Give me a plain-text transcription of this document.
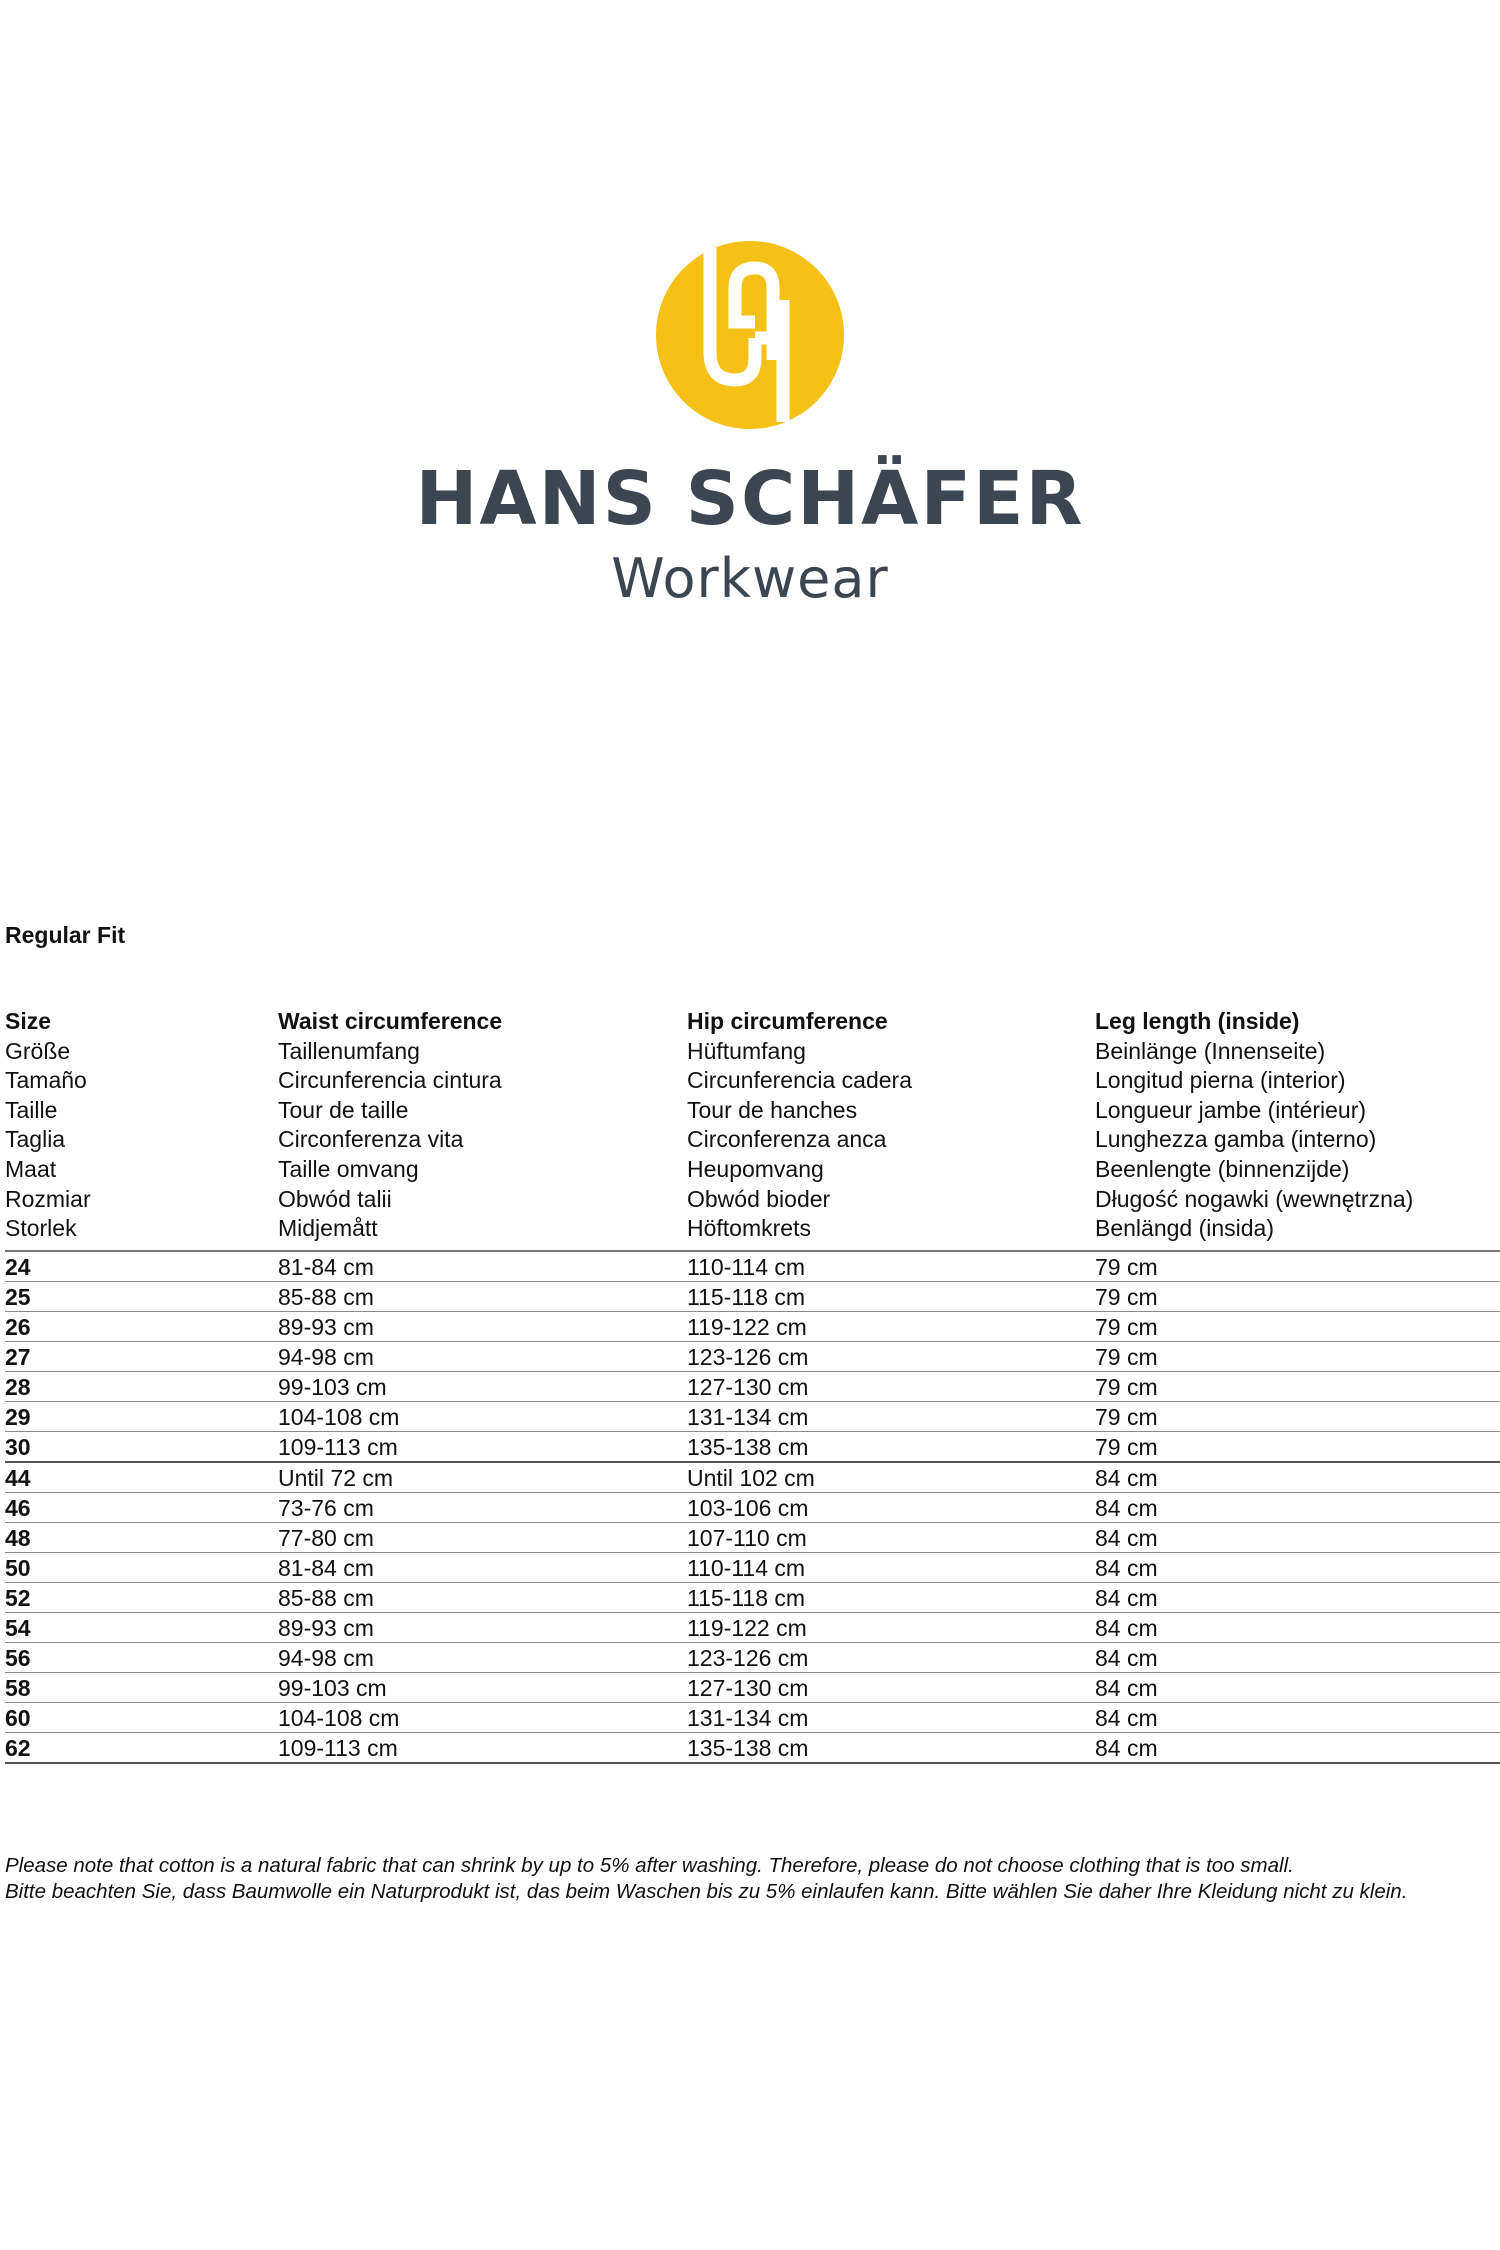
HANS SCHÄFER
Workwear
Regular Fit
Size	Waist circumference	Hip circumference	Leg length (inside)
Größe	Taillenumfang	Hüftumfang	Beinlänge (Innenseite)
Tamaño	Circunferencia cintura	Circunferencia cadera	Longitud pierna (interior)
Taille	Tour de taille	Tour de hanches	Longueur jambe (intérieur)
Taglia	Circonferenza vita	Circonferenza anca	Lunghezza gamba (interno)
Maat	Taille omvang	Heupomvang	Beenlengte (binnenzijde)
Rozmiar	Obwód talii	Obwód bioder	Długość nogawki (wewnętrzna)
Storlek	Midjemått	Höftomkrets	Benlängd (insida)
24	81-84 cm	110-114 cm	79 cm
25	85-88 cm	115-118 cm	79 cm
26	89-93 cm	119-122 cm	79 cm
27	94-98 cm	123-126 cm	79 cm
28	99-103 cm	127-130 cm	79 cm
29	104-108 cm	131-134 cm	79 cm
30	109-113 cm	135-138 cm	79 cm
44	Until 72 cm	Until 102 cm	84 cm
46	73-76 cm	103-106 cm	84 cm
48	77-80 cm	107-110 cm	84 cm
50	81-84 cm	110-114 cm	84 cm
52	85-88 cm	115-118 cm	84 cm
54	89-93 cm	119-122 cm	84 cm
56	94-98 cm	123-126 cm	84 cm
58	99-103 cm	127-130 cm	84 cm
60	104-108 cm	131-134 cm	84 cm
62	109-113 cm	135-138 cm	84 cm
Please note that cotton is a natural fabric that can shrink by up to 5% after washing. Therefore, please do not choose clothing that is too small.
Bitte beachten Sie, dass Baumwolle ein Naturprodukt ist, das beim Waschen bis zu 5% einlaufen kann. Bitte wählen Sie daher Ihre Kleidung nicht zu klein.
